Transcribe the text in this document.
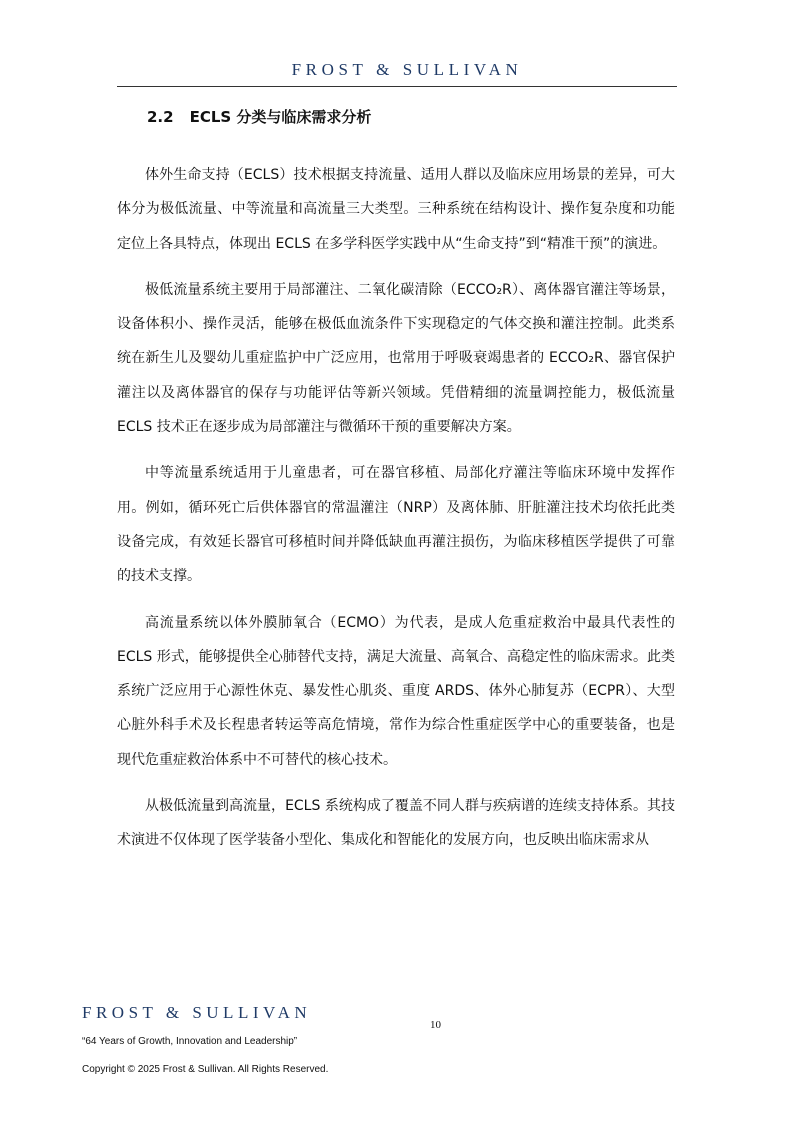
FROST & SULLIVAN
2.2 ECLS 分类与临床需求分析

体外生命支持（ECLS）技术根据支持流量、适用人群以及临床应用场景的差异，可大体分为极低流量、中等流量和高流量三大类型。三种系统在结构设计、操作复杂度和功能定位上各具特点，体现出 ECLS 在多学科医学实践中从“生命支持”到“精准干预”的演进。

极低流量系统主要用于局部灌注、二氧化碳清除（ECCO₂R）、离体器官灌注等场景，设备体积小、操作灵活，能够在极低血流条件下实现稳定的气体交换和灌注控制。此类系统在新生儿及婴幼儿重症监护中广泛应用，也常用于呼吸衰竭患者的 ECCO₂R、器官保护灌注以及离体器官的保存与功能评估等新兴领域。凭借精细的流量调控能力，极低流量 ECLS 技术正在逐步成为局部灌注与微循环干预的重要解决方案。

中等流量系统适用于儿童患者，可在器官移植、局部化疗灌注等临床环境中发挥作用。例如，循环死亡后供体器官的常温灌注（NRP）及离体肺、肝脏灌注技术均依托此类设备完成，有效延长器官可移植时间并降低缺血再灌注损伤，为临床移植医学提供了可靠的技术支撑。

高流量系统以体外膜肺氧合（ECMO）为代表，是成人危重症救治中最具代表性的 ECLS 形式，能够提供全心肺替代支持，满足大流量、高氧合、高稳定性的临床需求。此类系统广泛应用于心源性休克、暴发性心肌炎、重度 ARDS、体外心肺复苏（ECPR）、大型心脏外科手术及长程患者转运等高危情境，常作为综合性重症医学中心的重要装备，也是现代危重症救治体系中不可替代的核心技术。

从极低流量到高流量，ECLS 系统构成了覆盖不同人群与疾病谱的连续支持体系。其技术演进不仅体现了医学装备小型化、集成化和智能化的发展方向，也反映出临床需求从

FROST & SULLIVAN
10
“64 Years of Growth, Innovation and Leadership”
Copyright © 2025 Frost & Sullivan. All Rights Reserved.
